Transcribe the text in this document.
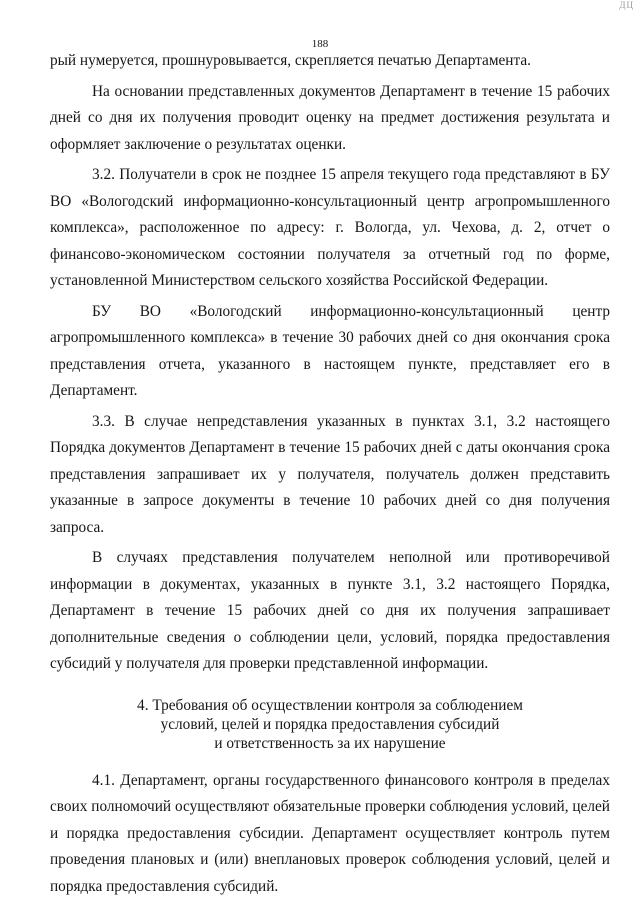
ДЦ
188

рый нумеруется, прошнуровывается, скрепляется печатью Департамента.

На основании представленных документов Департамент в течение 15 рабочих дней со дня их получения проводит оценку на предмет достижения результата и оформляет заключение о результатах оценки.

3.2. Получатели в срок не позднее 15 апреля текущего года представляют в БУ ВО «Вологодский информационно-консультационный центр агропромышленного комплекса», расположенное по адресу: г. Вологда, ул. Чехова, д. 2, отчет о финансово-экономическом состоянии получателя за отчетный год по форме, установленной Министерством сельского хозяйства Российской Федерации.

БУ ВО «Вологодский информационно-консультационный центр агропромышленного комплекса» в течение 30 рабочих дней со дня окончания срока представления отчета, указанного в настоящем пункте, представляет его в Департамент.

3.3. В случае непредставления указанных в пунктах 3.1, 3.2 настоящего Порядка документов Департамент в течение 15 рабочих дней с даты окончания срока представления запрашивает их у получателя, получатель должен представить указанные в запросе документы в течение 10 рабочих дней со дня получения запроса.

В случаях представления получателем неполной или противоречивой информации в документах, указанных в пункте 3.1, 3.2 настоящего Порядка, Департамент в течение 15 рабочих дней со дня их получения запрашивает дополнительные сведения о соблюдении цели, условий, порядка предоставления субсидий у получателя для проверки представленной информации.

4. Требования об осуществлении контроля за соблюдением
условий, целей и порядка предоставления субсидий
и ответственность за их нарушение

4.1. Департамент, органы государственного финансового контроля в пределах своих полномочий осуществляют обязательные проверки соблюдения условий, целей и порядка предоставления субсидии. Департамент осуществляет контроль путем проведения плановых и (или) внеплановых проверок соблюдения условий, целей и порядка предоставления субсидий.
